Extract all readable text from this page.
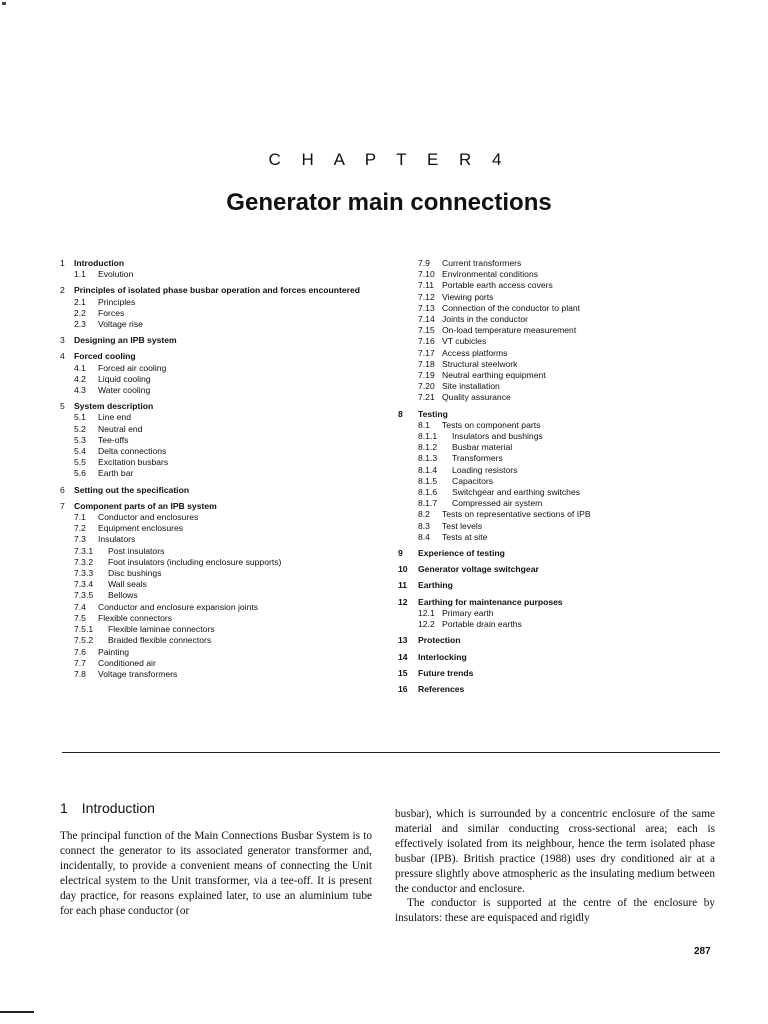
C H A P T E R 4
Generator main connections
1	Introduction
1.1	Evolution
2	Principles of isolated phase busbar operation and forces encountered
2.1	Principles
2.2	Forces
2.3	Voltage rise
3	Designing an IPB system
4	Forced cooling
4.1	Forced air cooling
4.2	Liquid cooling
4.3	Water cooling
5	System description
5.1	Line end
5.2	Neutral end
5.3	Tee-offs
5.4	Delta connections
5.5	Excitation busbars
5.6	Earth bar
6	Setting out the specification
7	Component parts of an IPB system
7.1	Conductor and enclosures
7.2	Equipment enclosures
7.3	Insulators
7.3.1	Post insulators
7.3.2	Foot insulators (including enclosure supports)
7.3.3	Disc bushings
7.3.4	Wall seals
7.3.5	Bellows
7.4	Conductor and enclosure expansion joints
7.5	Flexible connectors
7.5.1	Flexible laminae connectors
7.5.2	Braided flexible connectors
7.6	Painting
7.7	Conditioned air
7.8	Voltage transformers
7.9	Current transformers
7.10 Environmental conditions
7.11 Portable earth access covers
7.12 Viewing ports
7.13 Connection of the conductor to plant
7.14 Joints in the conductor
7.15 On-load temperature measurement
7.16 VT cubicles
7.17 Access platforms
7.18 Structural steelwork
7.19 Neutral earthing equipment
7.20 Site installation
7.21 Quality assurance
8	Testing
8.1	Tests on component parts
8.1.1	Insulators and bushings
8.1.2	Busbar material
8.1.3	Transformers
8.1.4	Loading resistors
8.1.5	Capacitors
8.1.6	Switchgear and earthing switches
8.1.7	Compressed air system
8.2	Tests on representative sections of IPB
8.3	Test levels
8.4	Tests at site
9	Experience of testing
10	Generator voltage switchgear
11	Earthing
12	Earthing for maintenance purposes
12.1 Primary earth
12.2 Portable drain earths
13	Protection
14	Interlocking
15	Future trends
16	References
1 Introduction

The principal function of the Main Connections Busbar System is to connect the generator to its associated generator transformer and, incidentally, to provide a convenient means of connecting the Unit electrical system to the Unit transformer, via a tee-off. It is present day practice, for reasons explained later, to use an aluminium tube for each phase conductor (or

busbar), which is surrounded by a concentric enclosure of the same material and similar conducting cross-sectional area; each is effectively isolated from its neighbour, hence the term isolated phase busbar (IPB). British practice (1988) uses dry conditioned air at a pressure slightly above atmospheric as the insulating medium between the conductor and enclosure.

The conductor is supported at the centre of the enclosure by insulators: these are equispaced and rigidly

287
